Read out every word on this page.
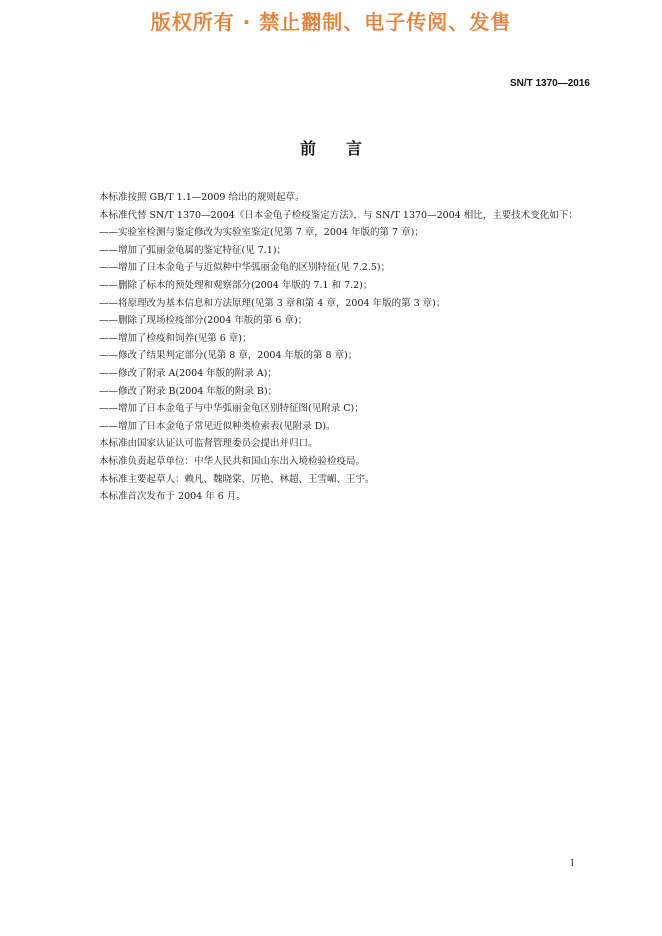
版权所有 · 禁止翻制、电子传阅、发售
SN/T 1370—2016
前言

本标准按照 GB/T 1.1—2009 给出的规则起草。

本标准代替 SN/T 1370—2004《日本金龟子检疫鉴定方法》，与 SN/T 1370—2004 相比，主要技术变化如下：

——实验室检测与鉴定修改为实验室鉴定(见第 7 章，2004 年版的第 7 章)；

——增加了弧丽金龟属的鉴定特征(见 7.1)；

——增加了日本金龟子与近似种中华弧丽金龟的区别特征(见 7.2.5)；

——删除了标本的预处理和观察部分(2004 年版的 7.1 和 7.2)；

——将原理改为基本信息和方法原理(见第 3 章和第 4 章，2004 年版的第 3 章)；

——删除了现场检疫部分(2004 年版的第 6 章)；

——增加了检疫和饲养(见第 6 章)；

——修改了结果判定部分(见第 8 章，2004 年版的第 8 章)；

——修改了附录 A(2004 年版的附录 A)；

——修改了附录 B(2004 年版的附录 B)；

——增加了日本金龟子与中华弧丽金龟区别特征图(见附录 C)；

——增加了日本金龟子常见近似种类检索表(见附录 D)。

本标准由国家认证认可监督管理委员会提出并归口。

本标准负责起草单位：中华人民共和国山东出入境检验检疫局。

本标准主要起草人：赖凡、魏晓棠、厉艳、林超、王雪嵋、王宇。

本标准首次发布于 2004 年 6 月。

I
